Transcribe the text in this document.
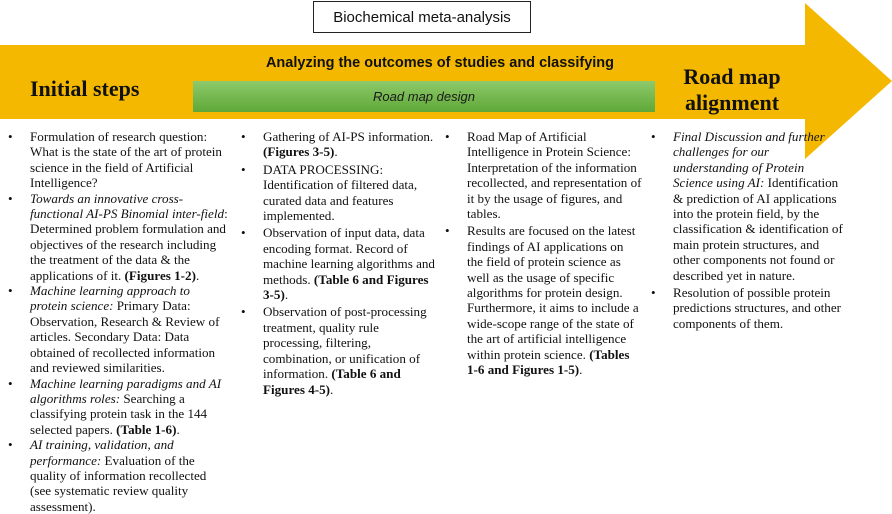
Biochemical meta-analysis
Analyzing the outcomes of studies and classifying
Road map design
Initial steps	Road map alignment
• Formulation of research question: What is the state of the art of protein science in the field of Artificial Intelligence?
• Towards an innovative cross-functional AI-PS Binomial inter-field: Determined problem formulation and objectives of the research including the treatment of the data & the applications of it. (Figures 1-2).
• Machine learning approach to protein science: Primary Data: Observation, Research & Review of articles. Secondary Data: Data obtained of recollected information and reviewed similarities.
• Machine learning paradigms and AI algorithms roles: Searching a classifying protein task in the 144 selected papers. (Table 1-6).
• AI training, validation, and performance: Evaluation of the quality of information recollected (see systematic review quality assessment).
• Gathering of AI-PS information. (Figures 3-5).
• DATA PROCESSING: Identification of filtered data, curated data and features implemented.
• Observation of input data, data encoding format. Record of machine learning algorithms and methods. (Table 6 and Figures 3-5).
• Observation of post-processing treatment, quality rule processing, filtering, combination, or unification of information. (Table 6 and Figures 4-5).
• Road Map of Artificial Intelligence in Protein Science: Interpretation of the information recollected, and representation of it by the usage of figures, and tables.
• Results are focused on the latest findings of AI applications on the field of protein science as well as the usage of specific algorithms for protein design. Furthermore, it aims to include a wide-scope range of the state of the art of artificial intelligence within protein science. (Tables 1-6 and Figures 1-5).
• Final Discussion and further challenges for our understanding of Protein Science using AI: Identification & prediction of AI applications into the protein field, by the classification & identification of main protein structures, and other components not found or described yet in nature.
• Resolution of possible protein predictions structures, and other components of them.
